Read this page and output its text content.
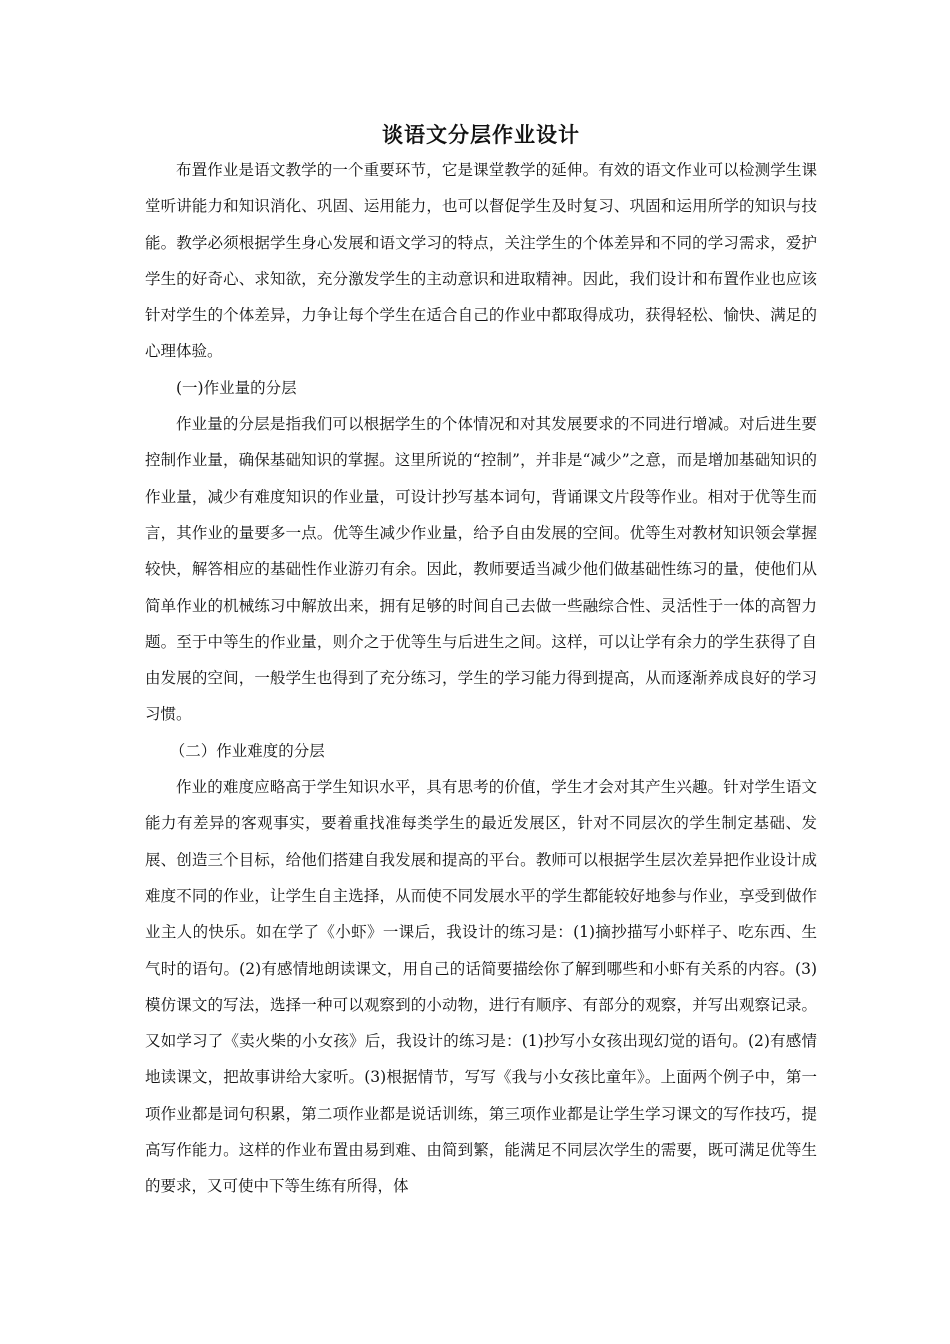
谈语文分层作业设计

布置作业是语文教学的一个重要环节，它是课堂教学的延伸。有效的语文作业可以检测学生课堂听讲能力和知识消化、巩固、运用能力，也可以督促学生及时复习、巩固和运用所学的知识与技能。教学必须根据学生身心发展和语文学习的特点，关注学生的个体差异和不同的学习需求，爱护学生的好奇心、求知欲，充分激发学生的主动意识和进取精神。因此，我们设计和布置作业也应该针对学生的个体差异，力争让每个学生在适合自己的作业中都取得成功，获得轻松、愉快、满足的心理体验。

(一)作业量的分层

作业量的分层是指我们可以根据学生的个体情况和对其发展要求的不同进行增减。对后进生要控制作业量，确保基础知识的掌握。这里所说的“控制”，并非是“减少”之意，而是增加基础知识的作业量，减少有难度知识的作业量，可设计抄写基本词句，背诵课文片段等作业。相对于优等生而言，其作业的量要多一点。优等生减少作业量，给予自由发展的空间。优等生对教材知识领会掌握较快，解答相应的基础性作业游刃有余。因此，教师要适当减少他们做基础性练习的量，使他们从简单作业的机械练习中解放出来，拥有足够的时间自己去做一些融综合性、灵活性于一体的高智力题。至于中等生的作业量，则介之于优等生与后进生之间。这样，可以让学有余力的学生获得了自由发展的空间，一般学生也得到了充分练习，学生的学习能力得到提高，从而逐渐养成良好的学习习惯。

（二）作业难度的分层

作业的难度应略高于学生知识水平，具有思考的价值，学生才会对其产生兴趣。针对学生语文能力有差异的客观事实，要着重找准每类学生的最近发展区，针对不同层次的学生制定基础、发展、创造三个目标，给他们搭建自我发展和提高的平台。教师可以根据学生层次差异把作业设计成难度不同的作业，让学生自主选择，从而使不同发展水平的学生都能较好地参与作业，享受到做作业主人的快乐。如在学了《小虾》一课后，我设计的练习是：(1)摘抄描写小虾样子、吃东西、生气时的语句。(2)有感情地朗读课文，用自己的话简要描绘你了解到哪些和小虾有关系的内容。(3)模仿课文的写法，选择一种可以观察到的小动物，进行有顺序、有部分的观察，并写出观察记录。又如学习了《卖火柴的小女孩》后，我设计的练习是：(1)抄写小女孩出现幻觉的语句。(2)有感情地读课文，把故事讲给大家听。(3)根据情节，写写《我与小女孩比童年》。上面两个例子中，第一项作业都是词句积累，第二项作业都是说话训练，第三项作业都是让学生学习课文的写作技巧，提高写作能力。这样的作业布置由易到难、由简到繁，能满足不同层次学生的需要，既可满足优等生的要求，又可使中下等生练有所得，体
